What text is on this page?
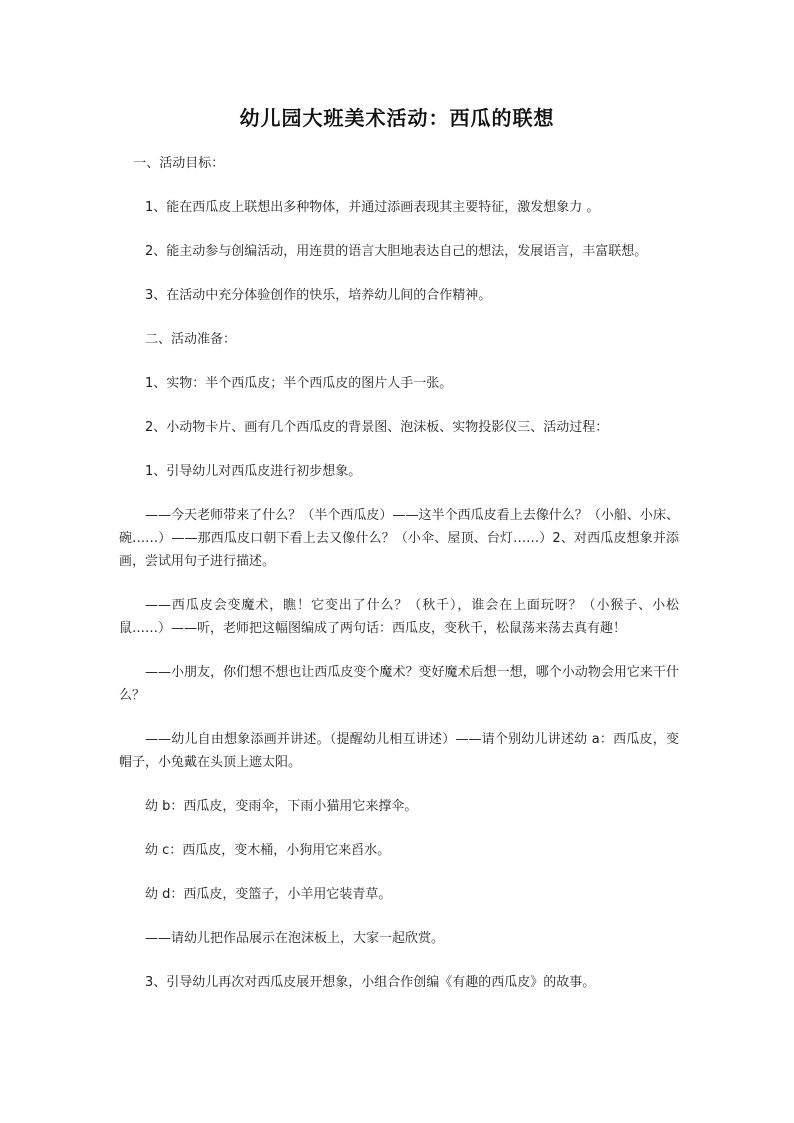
幼儿园大班美术活动：西瓜的联想

一、活动目标：

1、能在西瓜皮上联想出多种物体，并通过添画表现其主要特征，激发想象力 。

2、能主动参与创编活动，用连贯的语言大胆地表达自己的想法，发展语言，丰富联想。

3、在活动中充分体验创作的快乐，培养幼儿间的合作精神。

二、活动准备：

1、实物：半个西瓜皮；半个西瓜皮的图片人手一张。

2、小动物卡片、画有几个西瓜皮的背景图、泡沫板、实物投影仪三、活动过程：

1、引导幼儿对西瓜皮进行初步想象。

——今天老师带来了什么？（半个西瓜皮）——这半个西瓜皮看上去像什么？（小船、小床、碗……）——那西瓜皮口朝下看上去又像什么？（小伞、屋顶、台灯……）2、对西瓜皮想象并添画，尝试用句子进行描述。

——西瓜皮会变魔术，瞧！它变出了什么？（秋千），谁会在上面玩呀？（小猴子、小松鼠……）——听，老师把这幅图编成了两句话：西瓜皮，变秋千，松鼠荡来荡去真有趣！

——小朋友，你们想不想也让西瓜皮变个魔术？变好魔术后想一想，哪个小动物会用它来干什么？

——幼儿自由想象添画并讲述。（提醒幼儿相互讲述）——请个别幼儿讲述幼 a：西瓜皮，变帽子，小兔戴在头顶上遮太阳。

幼 b：西瓜皮，变雨伞，下雨小猫用它来撑伞。

幼 c：西瓜皮，变木桶，小狗用它来舀水。

幼 d：西瓜皮，变篮子，小羊用它装青草。

——请幼儿把作品展示在泡沫板上，大家一起欣赏。

3、引导幼儿再次对西瓜皮展开想象，小组合作创编《有趣的西瓜皮》的故事。
